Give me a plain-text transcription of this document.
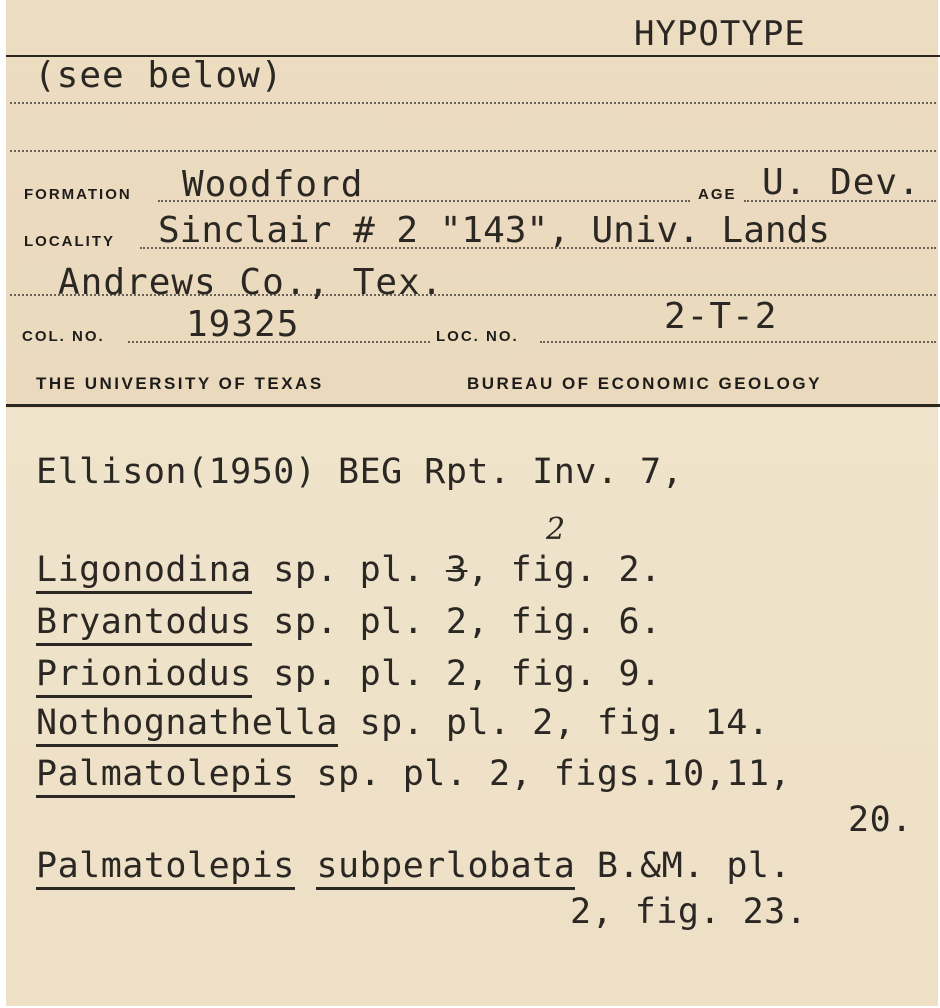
HYPOTYPE
(see below)
FORMATION Woodford	AGE U. Dev.
LOCALITY Sinclair # 2 "143", Univ. Lands
Andrews Co., Tex.
COL. NO. 19325	LOC. NO.	2-T-2
THE UNIVERSITY OF TEXAS	BUREAU OF ECONOMIC GEOLOGY
Ellison(1950) BEG Rpt. Inv. 7,
2
Ligonodina sp. pl. 3, fig. 2.
Bryantodus sp. pl. 2, fig. 6.
Prioniodus sp. pl. 2, fig. 9.
Nothognathella sp. pl. 2, fig. 14.
Palmatolepis sp. pl. 2, figs.10,11,
20.
Palmatolepis subperlobata B.&M. pl.
2, fig. 23.
